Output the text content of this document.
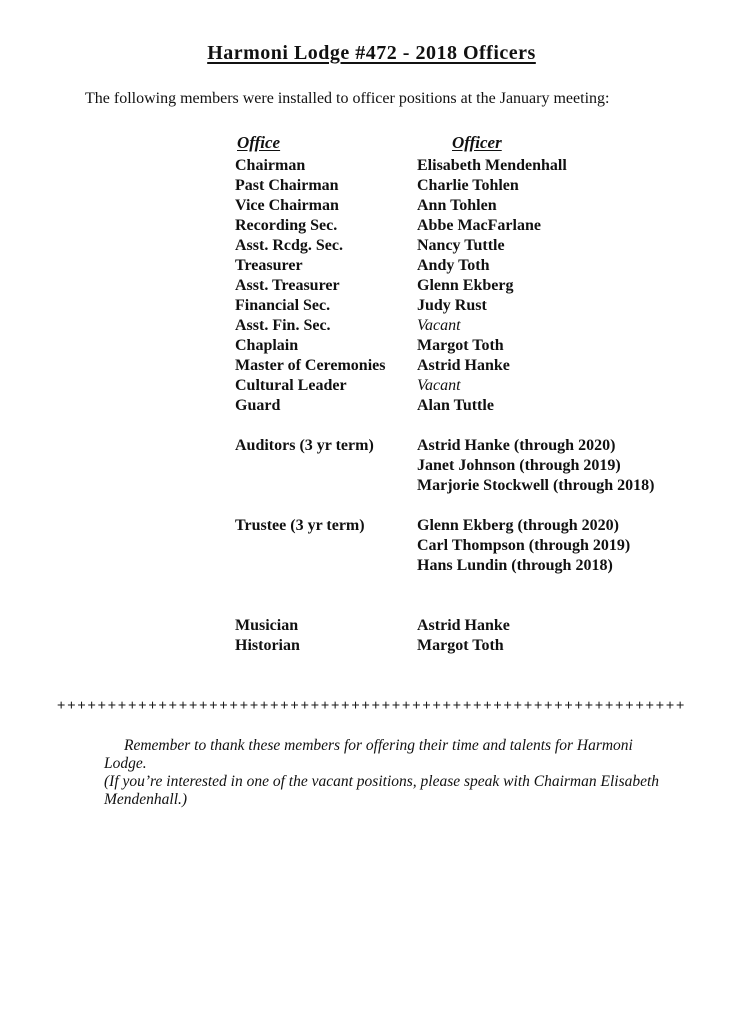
Harmoni Lodge #472 - 2018 Officers
The following members were installed to officer positions at the January meeting:
Office	Officer
Chairman	Elisabeth Mendenhall
Past Chairman	Charlie Tohlen
Vice Chairman	Ann Tohlen
Recording Sec.	Abbe MacFarlane
Asst. Rcdg. Sec.	Nancy Tuttle
Treasurer	Andy Toth
Asst. Treasurer	Glenn Ekberg
Financial Sec.	Judy Rust
Asst. Fin. Sec.	Vacant
Chaplain	Margot Toth
Master of Ceremonies	Astrid Hanke
Cultural Leader	Vacant
Guard	Alan Tuttle
Auditors (3 yr term)	Astrid Hanke (through 2020)
Janet Johnson (through 2019)
Marjorie Stockwell (through 2018)
Trustee (3 yr term)	Glenn Ekberg (through 2020)
Carl Thompson (through 2019)
Hans Lundin (through 2018)
Musician	Astrid Hanke
Historian	Margot Toth
++++++++++++++++++++++++++++++++++++++++++++++++++++++++++++++
Remember to thank these members for offering their time and talents for Harmoni Lodge.
(If you’re interested in one of the vacant positions, please speak with Chairman Elisabeth
Mendenhall.)
